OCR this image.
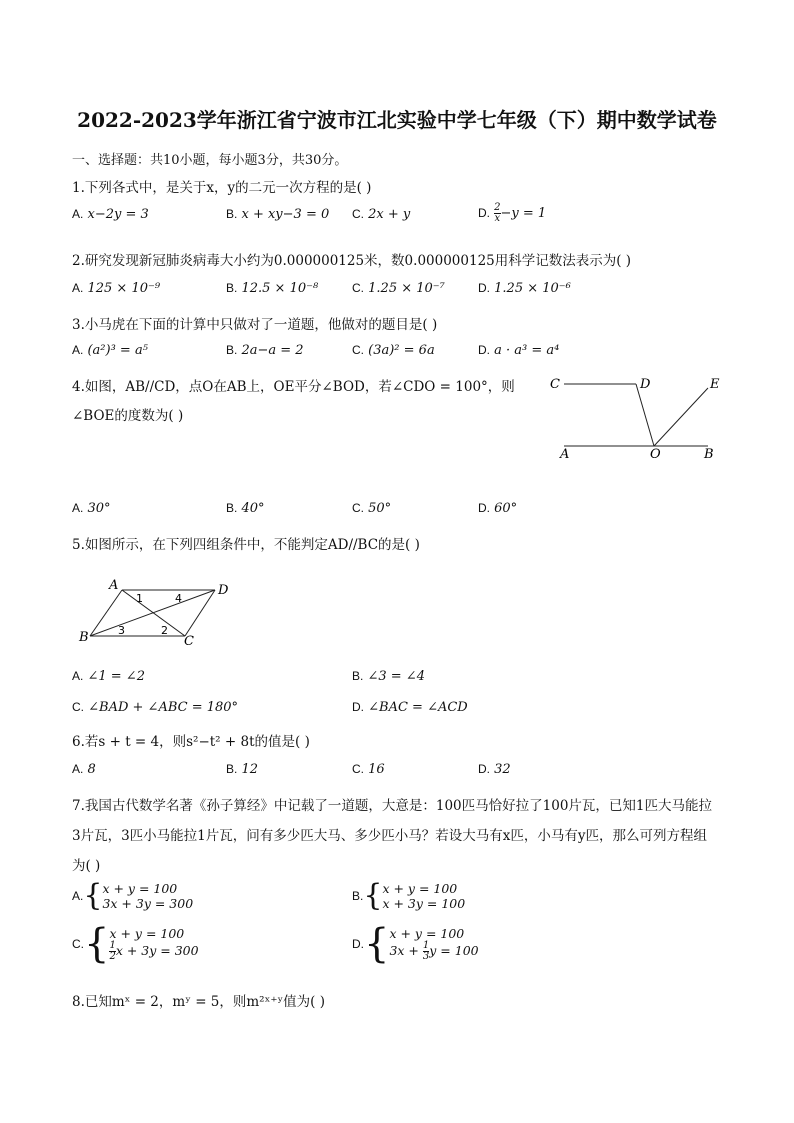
2022-2023学年浙江省宁波市江北实验中学七年级（下）期中数学试卷
一、选择题：共10小题，每小题3分，共30分。
1.下列各式中，是关于x，y的二元一次方程的是( )
A. x−2y = 3	B. x + xy−3 = 0 C. 2x + y	D. $\frac{2}{x} -y = 1$
2.研究发现新冠肺炎病毒大小约为0.000000125米，数0.000000125用科学记数法表示为( )
A. 125 × 10⁻⁹	B. 12.5 × 10⁻⁸	C. 1.25 × 10⁻⁷	D. 1.25 × 10⁻⁶
3.小马虎在下面的计算中只做对了一道题，他做对的题目是( )
A. (a²)³ = a⁵	B. 2a−a = 2	C. (3a)² = 6a	D. a · a³ = a⁴
4.如图，AB//CD，点O在AB上，OE平分∠BOD，若∠CDO = 100°，则
∠BOE的度数为( )
C	D	E
A	O	B
A. 30°	B. 40°	C. 50°	D. 60°
5.如图所示，在下列四组条件中，不能判定AD//BC的是( )
A	D
B	C
1	4
3	2
A. ∠1 = ∠2	B. ∠3 = ∠4
C. ∠BAD + ∠ABC = 180°	D. ∠BAC = ∠ACD
6.若s + t = 4，则s²−t² + 8t的值是( )
A. 8	B. 12	C. 16	D. 32
7.我国古代数学名著《孙子算经》中记载了一道题，大意是：100匹马恰好拉了100片瓦，已知1匹大马能拉
3片瓦，3匹小马能拉1片瓦，问有多少匹大马、多少匹小马？若设大马有x匹，小马有y匹，那么可列方程组
为( )
A.{ x + y = 100
3x + 3y = 300	B.{ x + y = 100
x + 3y = 100
C.{ x + y = 100
$\frac{1}{2}$ x + 3y = 300	D.{ x + y = 100
$3x + \frac{1}{3}$ y = 100
8.已知mˣ = 2，mʸ = 5，则m²ˣ⁺ʸ值为( )
